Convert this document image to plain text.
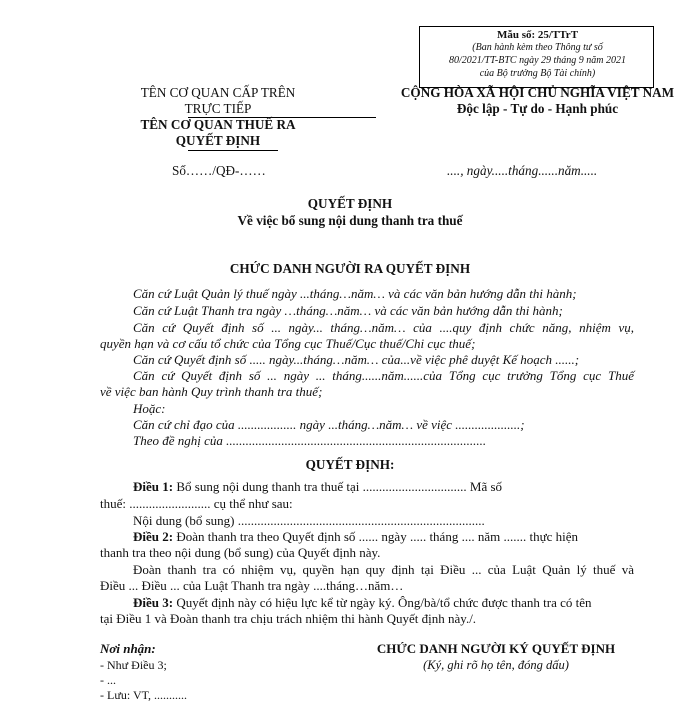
Mẫu số: 25/TTrT
(Ban hành kèm theo Thông tư số
80/2021/TT-BTC ngày 29 tháng 9 năm 2021
của Bộ trưởng Bộ Tài chính)
TÊN CƠ QUAN CẤP TRÊN
TRỰC TIẾP
TÊN CƠ QUAN THUẾ RA
QUYẾT ĐỊNH
CỘNG HÒA XÃ HỘI CHỦ NGHĨA VIỆT NAM
Độc lập - Tự do - Hạnh phúc
Số……/QĐ-……	...., ngày.....tháng......năm.....
QUYẾT ĐỊNH
Về việc bổ sung nội dung thanh tra thuế
CHỨC DANH NGƯỜI RA QUYẾT ĐỊNH
Căn cứ Luật Quản lý thuế ngày ...tháng…năm… và các văn bản hướng dẫn thi hành;
Căn cứ Luật Thanh tra ngày …tháng…năm… và các văn bản hướng dẫn thi hành;
Căn cứ Quyết định số ... ngày... tháng…năm… của ....quy định chức năng, nhiệm vụ,
quyền hạn và cơ cấu tổ chức của Tổng cục Thuế/Cục thuế/Chi cục thuế;
Căn cứ Quyết định số ..... ngày...tháng…năm… của...về việc phê duyệt Kế hoạch ......;
Căn cứ Quyết định số ... ngày ... tháng......năm......của Tổng cục trưởng Tổng cục Thuế
về việc ban hành Quy trình thanh tra thuế;
Hoặc:
Căn cứ chỉ đạo của .................. ngày ...tháng…năm… về việc ....................;
Theo đề nghị của ................................................................................
QUYẾT ĐỊNH:
Điều 1: Bổ sung nội dung thanh tra thuế tại ................................ Mã số
thuế: ......................... cụ thể như sau:
Nội dung (bổ sung) ............................................................................
Điều 2: Đoàn thanh tra theo Quyết định số ...... ngày ..... tháng .... năm ....... thực hiện
thanh tra theo nội dung (bổ sung) của Quyết định này.
Đoàn thanh tra có nhiệm vụ, quyền hạn quy định tại Điều ... của Luật Quản lý thuế và
Điều ... Điều ... của Luật Thanh tra ngày ....tháng…năm…
Điều 3: Quyết định này có hiệu lực kể từ ngày ký. Ông/bà/tổ chức được thanh tra có tên
tại Điều 1 và Đoàn thanh tra chịu trách nhiệm thi hành Quyết định này./.
Nơi nhận:
- Như Điều 3;
- ...
- Lưu: VT, ...........
CHỨC DANH NGƯỜI KÝ QUYẾT ĐỊNH
(Ký, ghi rõ họ tên, đóng dấu)
